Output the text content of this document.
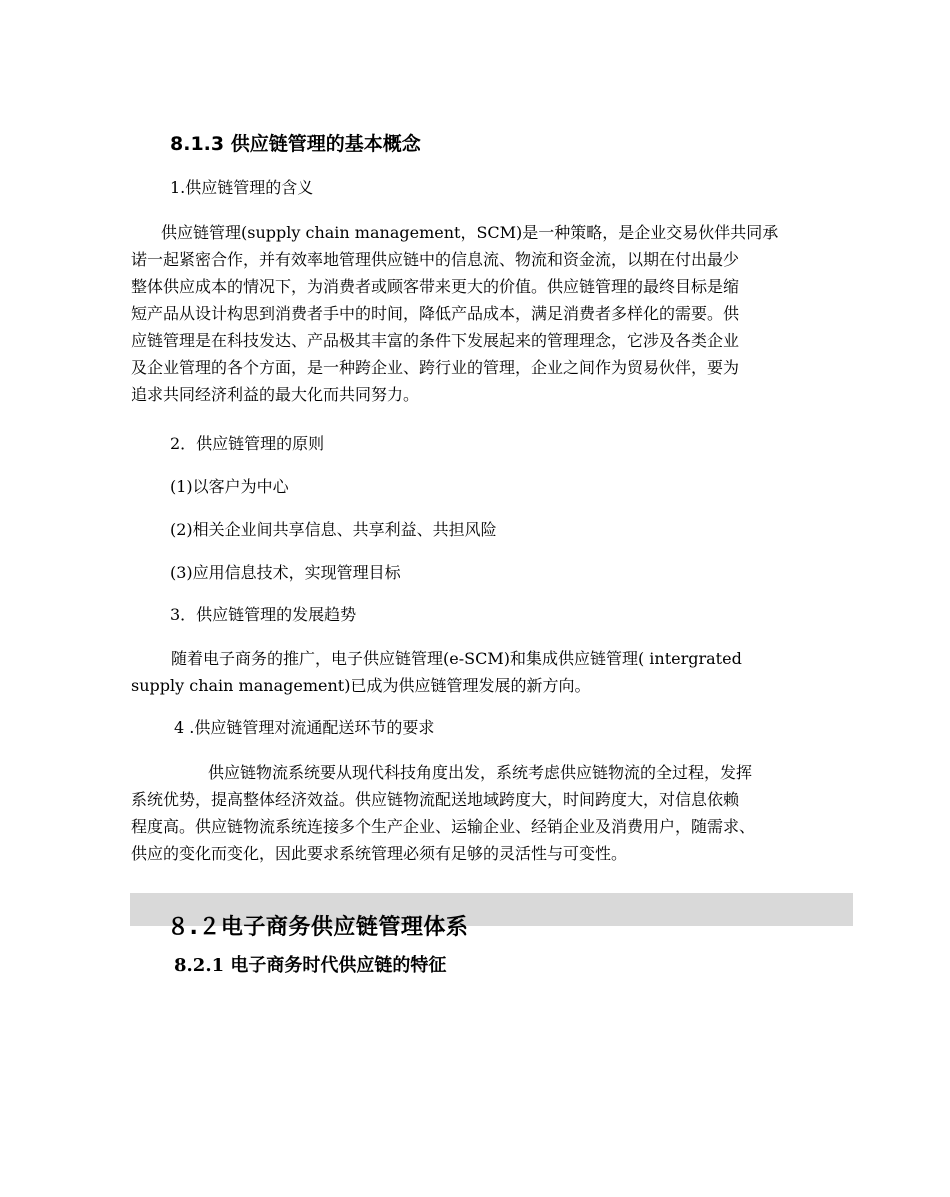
8.1.3 供应链管理的基本概念

1.供应链管理的含义

供应链管理(supply chain management，SCM)是一种策略，是企业交易伙伴共同承
诺一起紧密合作，并有效率地管理供应链中的信息流、物流和资金流，以期在付出最少
整体供应成本的情况下，为消费者或顾客带来更大的价值。供应链管理的最终目标是缩
短产品从设计构思到消费者手中的时间，降低产品成本，满足消费者多样化的需要。供
应链管理是在科技发达、产品极其丰富的条件下发展起来的管理理念，它涉及各类企业
及企业管理的各个方面，是一种跨企业、跨行业的管理，企业之间作为贸易伙伴，要为
追求共同经济利益的最大化而共同努力。

2．供应链管理的原则

(1)以客户为中心

(2)相关企业间共享信息、共享利益、共担风险

(3)应用信息技术，实现管理目标

3．供应链管理的发展趋势

随着电子商务的推广，电子供应链管理(e-SCM)和集成供应链管理( intergrated
supply chain management)已成为供应链管理发展的新方向。

4 .供应链管理对流通配送环节的要求

供应链物流系统要从现代科技角度出发，系统考虑供应链物流的全过程，发挥
系统优势，提高整体经济效益。供应链物流配送地域跨度大，时间跨度大，对信息依赖
程度高。供应链物流系统连接多个生产企业、运输企业、经销企业及消费用户，随需求、
供应的变化而变化，因此要求系统管理必须有足够的灵活性与可变性。
８.２电子商务供应链管理体系
8.2.1 电子商务时代供应链的特征
